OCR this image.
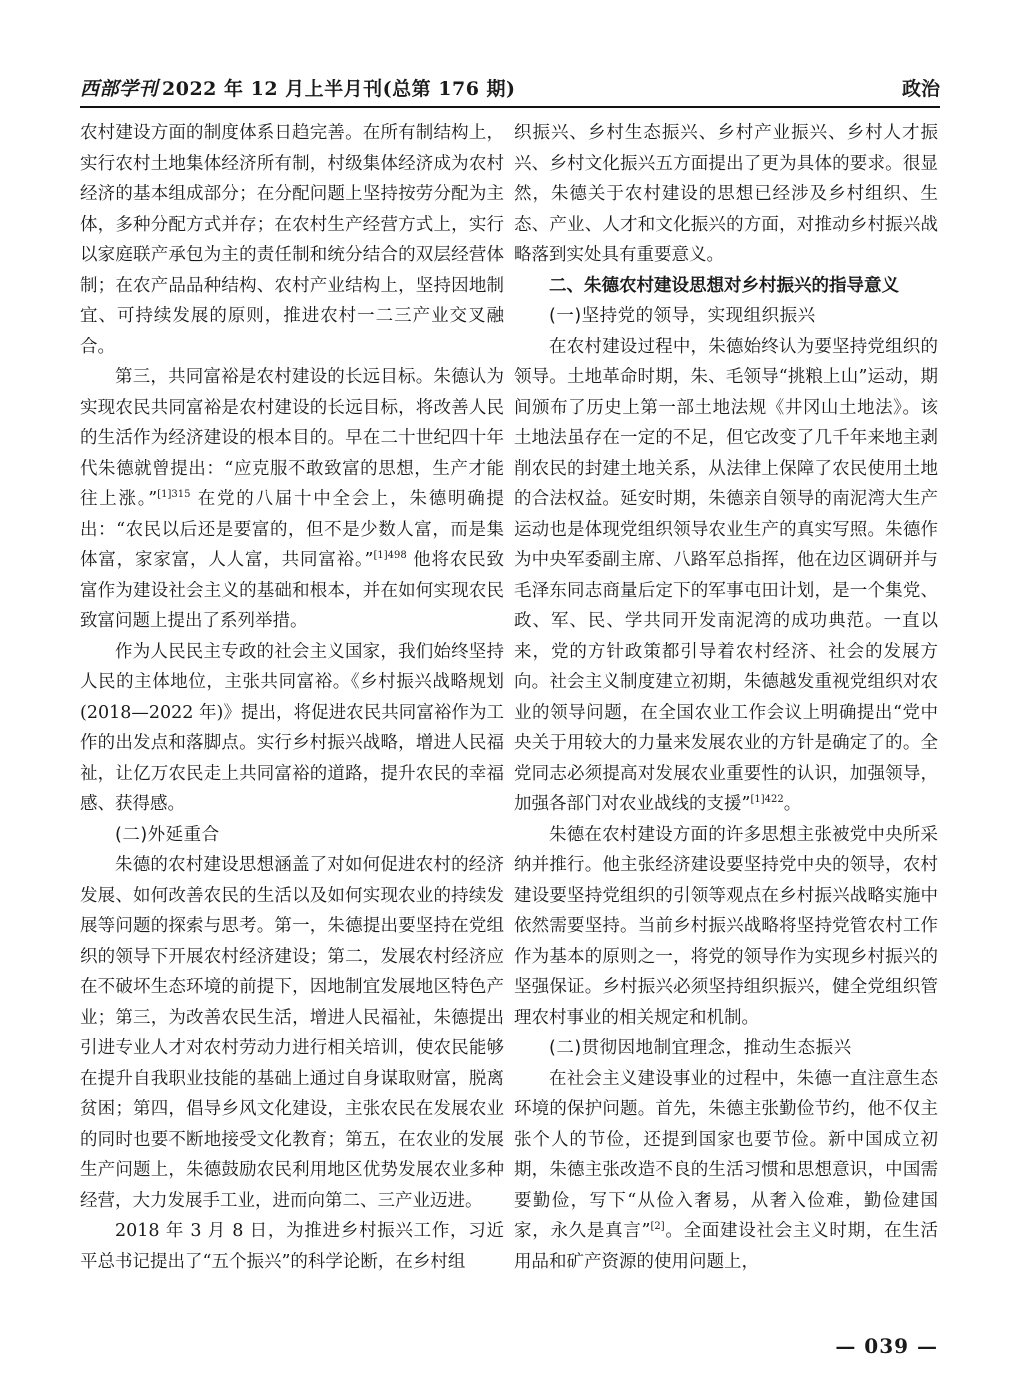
西部学刊 2022 年 12 月上半月刊(总第 176 期)	政治

农村建设方面的制度体系日趋完善。在所有制结构上，实行农村土地集体经济所有制，村级集体经济成为农村经济的基本组成部分；在分配问题上坚持按劳分配为主体，多种分配方式并存；在农村生产经营方式上，实行以家庭联产承包为主的责任制和统分结合的双层经营体制；在农产品品种结构、农村产业结构上，坚持因地制宜、可持续发展的原则，推进农村一二三产业交叉融合。

第三，共同富裕是农村建设的长远目标。朱德认为实现农民共同富裕是农村建设的长远目标，将改善人民的生活作为经济建设的根本目的。早在二十世纪四十年代朱德就曾提出：“应克服不敢致富的思想，生产才能往上涨。”$^{[1]315}$ 在党的八届十中全会上，朱德明确提出：“农民以后还是要富的，但不是少数人富，而是集体富，家家富，人人富，共同富裕。”$^{[1]498}$ 他将农民致富作为建设社会主义的基础和根本，并在如何实现农民致富问题上提出了系列举措。

作为人民民主专政的社会主义国家，我们始终坚持人民的主体地位，主张共同富裕。《乡村振兴战略规划(2018—2022 年)》提出，将促进农民共同富裕作为工作的出发点和落脚点。实行乡村振兴战略，增进人民福祉，让亿万农民走上共同富裕的道路，提升农民的幸福感、获得感。

(二)外延重合

朱德的农村建设思想涵盖了对如何促进农村的经济发展、如何改善农民的生活以及如何实现农业的持续发展等问题的探索与思考。第一，朱德提出要坚持在党组织的领导下开展农村经济建设；第二，发展农村经济应在不破坏生态环境的前提下，因地制宜发展地区特色产业；第三，为改善农民生活，增进人民福祉，朱德提出引进专业人才对农村劳动力进行相关培训，使农民能够在提升自我职业技能的基础上通过自身谋取财富，脱离贫困；第四，倡导乡风文化建设，主张农民在发展农业的同时也要不断地接受文化教育；第五，在农业的发展生产问题上，朱德鼓励农民利用地区优势发展农业多种经营，大力发展手工业，进而向第二、三产业迈进。

2018 年 3 月 8 日，为推进乡村振兴工作，习近平总书记提出了“五个振兴”的科学论断，在乡村组

织振兴、乡村生态振兴、乡村产业振兴、乡村人才振兴、乡村文化振兴五方面提出了更为具体的要求。很显然，朱德关于农村建设的思想已经涉及乡村组织、生态、产业、人才和文化振兴的方面，对推动乡村振兴战略落到实处具有重要意义。

二、朱德农村建设思想对乡村振兴的指导意义
(一)坚持党的领导，实现组织振兴

在农村建设过程中，朱德始终认为要坚持党组织的领导。土地革命时期，朱、毛领导“挑粮上山”运动，期间颁布了历史上第一部土地法规《井冈山土地法》。该土地法虽存在一定的不足，但它改变了几千年来地主剥削农民的封建土地关系，从法律上保障了农民使用土地的合法权益。延安时期，朱德亲自领导的南泥湾大生产运动也是体现党组织领导农业生产的真实写照。朱德作为中央军委副主席、八路军总指挥，他在边区调研并与毛泽东同志商量后定下的军事屯田计划，是一个集党、政、军、民、学共同开发南泥湾的成功典范。一直以来，党的方针政策都引导着农村经济、社会的发展方向。社会主义制度建立初期，朱德越发重视党组织对农业的领导问题，在全国农业工作会议上明确提出“党中央关于用较大的力量来发展农业的方针是确定了的。全党同志必须提高对发展农业重要性的认识，加强领导，加强各部门对农业战线的支援”$^{[1]422}$。

朱德在农村建设方面的许多思想主张被党中央所采纳并推行。他主张经济建设要坚持党中央的领导，农村建设要坚持党组织的引领等观点在乡村振兴战略实施中依然需要坚持。当前乡村振兴战略将坚持党管农村工作作为基本的原则之一，将党的领导作为实现乡村振兴的坚强保证。乡村振兴必须坚持组织振兴，健全党组织管理农村事业的相关规定和机制。

(二)贯彻因地制宜理念，推动生态振兴

在社会主义建设事业的过程中，朱德一直注意生态环境的保护问题。首先，朱德主张勤俭节约，他不仅主张个人的节俭，还提到国家也要节俭。新中国成立初期，朱德主张改造不良的生活习惯和思想意识，中国需要勤俭，写下“从俭入奢易，从奢入俭难，勤俭建国家，永久是真言”[2]。全面建设社会主义时期，在生活用品和矿产资源的使用问题上，

— 039 —
